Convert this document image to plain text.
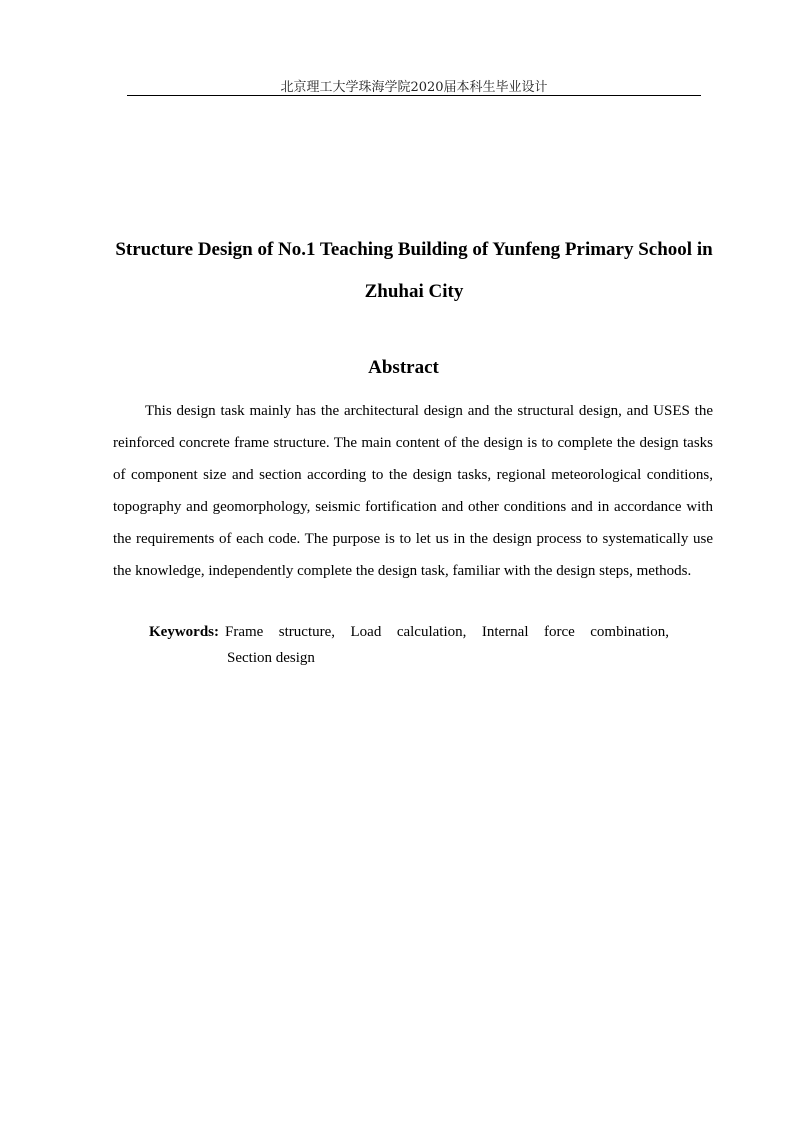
北京理工大学珠海学院2020届本科生毕业设计
Structure Design of No.1 Teaching Building of Yunfeng Primary School in Zhuhai City
Abstract

This design task mainly has the architectural design and the structural design, and USES the reinforced concrete frame structure. The main content of the design is to complete the design tasks of component size and section according to the design tasks, regional meteorological conditions, topography and geomorphology, seismic fortification and other conditions and in accordance with the requirements of each code. The purpose is to let us in the design process to systematically use the knowledge, independently complete the design task, familiar with the design steps, methods.

Keywords: Frame structure, Load calculation, Internal force combination,
Section design
